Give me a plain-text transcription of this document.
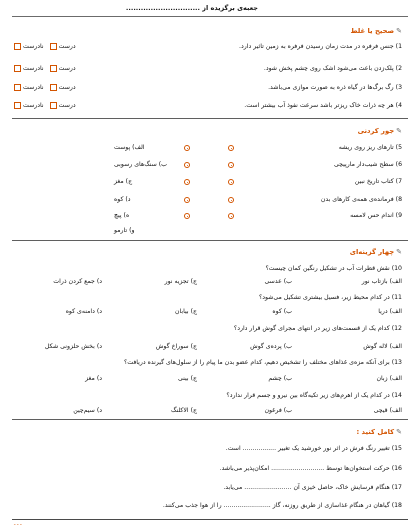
جعبه‌ی برگزیده از ..............................
✎
صحیح یا غلط
1) جنس فرفره در مدت زمان رسیدن فرفره به زمین تاثیر دارد.
درست
نادرست
2) پلک‌زدن باعث می‌شود اشک روی چشم پخش شود.
درست
نادرست
3) رگ برگ‌ها در گیاه ذره به صورت موازی می‌باشد.
درست
نادرست
4) هر چه ذرات خاک ریزتر باشد سرعت نفوذ آب بیشتر است.
درست
نادرست
✎
جور کردنی
5) تارهای ریز روی ریشه
الف) پوست
6) سطح شیب‌دار مارپیچی
ب) سنگ‌های رسوبی
7) کتاب تاریخ نبین
ج) مغز
8) فرمانده‌ی همه‌ی کارهای بدن
د) کوه
9) اندام حس لامسه
ه) پیچ
و) تارمو
✎
چهار گزینه‌ای
10) نقش قطرات آب در تشکیل رنگین کمان چیست؟
الف) بازتاب نور
ب) عدسی
ج) تجزیه نور
د) جمع کردن ذرات
11) در کدام محیط زیر، فسیل بیشتری تشکیل می‌شود؟
الف) دریا
ب) کوه
ج) بیابان
د) دامنه‌ی کوه
12) کدام یک از قسمت‌های زیر در انتهای مجرای گوش قرار دارد؟
الف) لاله گوش
ب) پرده‌ی گوش
ج) سوراخ گوش
د) بخش حلزونی شکل
13) برای آنکه مزه‌ی غذاهای مختلف را تشخیص دهیم، کدام عضو بدن ما پیام را از سلول‌های گیرنده دریافت؟
الف) زبان
ب) چشم
ج) بینی
د) مغز
14) در کدام یک از اهرم‌های زیر تکیه‌گاه بین نیرو و جسم قرار ندارد؟
الف) قیچی
ب) فرغون
ج) الاکلنگ
د) سیم‌چین
✎
کامل کنید :
15) تغییر رنگ فرش در اثر نور خورشید یک تغییر ................. است.
16) حرکت استخوان‌ها توسط ........................... امکان‌پذیر می‌باشد.
17) هنگام فرسایش خاک، حاصل خیزی آن ........................ می‌یابد.
18) گیاهان در هنگام غذاسازی از طریق روزنه، گاز ........................ را از هوا جذب می‌کنند.
ـ ـ ـ
